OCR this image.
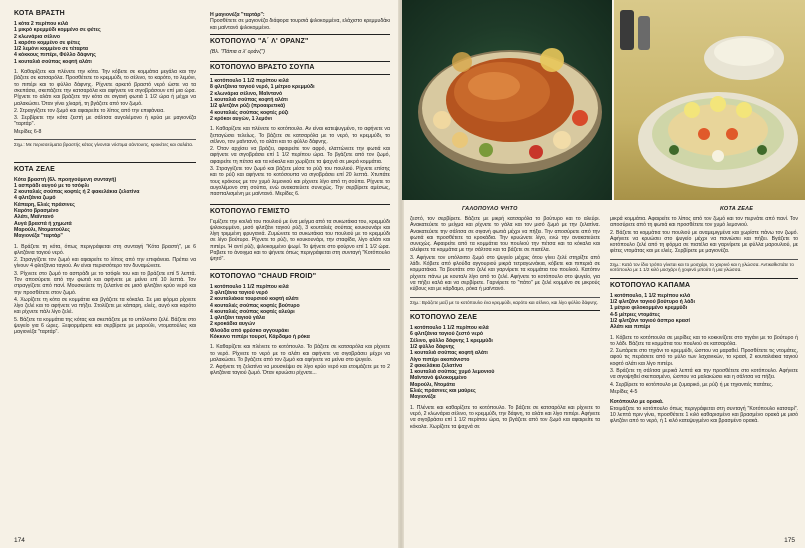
ΚΟΤΑ ΒΡΑΣΤΗ
1 κότα 2 περίπου κιλά
1 μικρό κρεμμύδι κομμένο σε φέτες
2 κλωνάρια σέλινο
1 καρότο κομμένο σε φέτες
1/2 λεμόνι κομμένο σε τέταρτα
4 κόκκους πιπέρι, Φύλλο δάφνης
1 κουταλιά σούπας κοφτή αλάτι
1. Καθαρίζετε και πλένετε την κότα. Την κόβετε σε κομμάτια μεγάλα και την βάζετε σε κατσαρόλα. Προσθέτετε το κρεμμύδι, το σέλινο, το καρότο, το λεμόνι, το πιπέρι και το φύλλο δάφνης. Ρίχνετε αρκετό βραστό νερό ώστε να τα σκεπάσει, σκεπάζετε την κατσαρόλα και αφήνετε να σιγοβράσουν επί μια ώρα. Ρίχνετε το αλάτι και βράζετε την κότα σε σιγανή φωτιά 1 1/2 ώρα ή μέχρι να μαλακώσει. Όταν γίνει χλιαρή, τη βγάζετε από τον ζωμό.
2. Στραγγίζετε τον ζωμό και αφαιρείτε το λίπος από την επιφάνεια.
3. Σερβίρετε την κότα ζεστή με σάλτσα αυγολέμονο ή κρύα με μαγιονέζα "ταρτάρ".
Μερίδες 6-8
Σημ.: Με περισσεύματα βραστής κότας γίνονται νόστιμα σάντουιτς, κροκέτες και σαλάτα.
ΚΟΤΑ ΖΕΛΕ
Κότα βραστή (6λ. προηγούμενη συνταγή)
1 ασπράδι αυγού με το τσόφλι
2 κουταλιές σούπας κοφτές ή 2 φακελάκια ζελατίνα
4 φλιτζάνια ζωμό
Κάπαρη, Ελιές πράσινες
Καρότο βρασμένο
Αλάτι, Μαϊντανό
Αυγά βραστά ή χημωτά
Μαρούλι, Ντοματούλες
Μαγιονέζα "ταρτάρ"
1. Βράζετε τη κότα, όπως περιγράφεται στη συνταγή "Κότα βραστή", με 6 φλιτζάνια ταγιού νερό.
2. Στραγγίζετε τον ζωμό και αφαιρείτε το λίπος από την επιφάνεια. Πρέπει να γίνουν 4 φλιτζάνια ταγιού. Αν είναι περισσότερο τον δυναμώνετε.
3. Ρίχνετε στο ζωμό το ασπράδι με το τσόφλι του και το βράζετε επί 5 λεπτά. Τον αποσύρετε από την φωτιά και αφήνετε με μείνει επί 10 λεπτά. Τον στραγγίζετε από πανί. Μουσκεύετε τη ζελατίνα σε μισό φλιτζάνι κρύο νερό και την προσθέτετε στον ζωμό.
4. Χωρίζετε τη κότα σε κομμάτια και βγάζετε τα κόκαλα. Σε μια φόρμα ρίχνετε λίγο ζελέ και το αφήνετε να πήξει. Στολίζετε με κάπαρη, ελιές, αυγό και καρότο και ρίχνετε πάλι λίγο ζελέ.
5. Βάζετε τα κομμάτια της κότας και σκεπάζετε με το υπόλοιπο ζελέ. Βάζετε στο ψυγείο για 6 ώρες. Ξεφορμάρετε και σερβίρετε με μαρούλι, ντοματούλες και μαγιονέζα "ταρτάρ".
Η μαγιονέζα "ταρτάρ":
Προσθέτετε σε μαγιονέζα διάφορα τουρσιά ψιλοκομμένα, ελάχιστο κρεμμυδάκι και μαϊντανό ψιλοκομμένο.
ΚΟΤΟΠΟΥΛΟ "Α΄ Λ' ΟΡΑΝΖ"
(Βλ. "Πάπια α λ' οράνζ")
ΚΟΤΟΠΟΥΛΟ ΒΡΑΣΤΟ ΣΟΥΠΑ
1 κοτόπουλο 1 1/2 περίπου κιλά
8 φλιτζάνια ταγιού νερό, 1 μέτριο κρεμμύδι
2 κλωνάρια σέλινο, Μαϊντανό
1 κουταλιά σούπας κοφτή αλάτι
1/2 φλιτζάνι ρύζι (προαιρετικά)
4 κουταλιές σούπας κοφτές ρύζι
2 κρόκοι αυγών, 1 λεμόνι
1. Καθαρίζετε και πλένετε το κοτόπουλο. Αν είναι κατεψυγμένο, το αφήνετε να ξεπαγώσει τελείως. Το βάζετε σε κατσαρόλα με το νερό, το κρεμμύδι, το σέλινο, τον μαϊντανό, το αλάτι και το φύλλο δάφνης.
2. Όταν αρχίσει να βράζει, αφαιρείτε τον αφρό, ελαττώνετε την φωτιά και αφήνετε να σιγοβράσει επί 1 1/2 περίπου ώρα. Το βγάζετε από τον ζωμό, αφαιρείτε τη πέτσα και τα κόκαλα και χωρίζετε τα ψαχνά σε μικρά κομμάτια.
3. Στραγγίζετε τον ζωμό και βάζετε μέσα το ρύζι του πουλιού. Ρίχνετε επίσης και το ρύζι και αφήνετε το κοτόσουπα να σιγοβράσει επί 20 λεπτά. Χτυπάτε τους κρόκους με τον χυμό λεμονιού και ρίχνετε λίγο από τη σούπα. Ρίχνετε το αυγολέμονο στη σούπα, ενώ ανακατεύετε συνεχώς. Την σερβίρετε αμέσως, πασπαλισμένη με μαϊντανό. Μερίδες 6.
ΚΟΤΟΠΟΥΛΟ ΓΕΜΙΣΤΟ
Γεμίζετε την κοιλιά του πουλιού με ένα μείγμα από τα συκωτάκια του, κρεμμύδι ψιλοκομμένο, μισό φλιτζάνι ταγιού ρύζι, 3 κουταλιές σούπας κουκουνάρι και λίγη τριμμένη φρυγανιά. Ζυμώνετε τα συκωτάκια του πουλιού με το κρεμμύδι σε λίγο βούτυρο. Ρίχνετε το ρύζι, το κουκουνάρι, την σταφίδα, λίγο αλάτι και πιπέρι. Ή αντί ρύζι, ψιλοκομμένο ψωμί. Το ψήνετε στο φούρνο επί 1 1/2 ώρα. Ραβετε το άνοιγμα και το ψήνετε όπως περιγράφεται στη συνταγή "Κοτόπουλο ψητό".
ΚΟΤΟΠΟΥΛΟ "CHAUD FROID"
1 κοτόπουλο 1 1/2 περίπου κιλά
3 φλιτζάνια ταγιού νερό
2 κουταλιάκια τουρσιού κοφτή αλάτι
4 κουταλιές σούπας κοφτές βούτυρο
4 κουταλιές σούπας κοφτές αλεύρι
1 φλιτζάνι ταγιού γάλα
2 κροκάδια αυγών
Φλούδα από φρέσκο αγγουράκι
Κόκκινο πιπέρι τουρσί, Κάρδαμο ή ρόκα
1. Καθαρίζετε και πλένετε το κοτόπουλο. Το βάζετε σε κατσαρόλα και ρίχνετε το νερό. Ρίχνετε το νερό με το αλάτι και αφήνετε να σιγοβράσει μέχρι να μαλακώσει. Το βγάζετε από τον ζωμό και αφήνετε να μείνει στο ψυγείο.
2. Αφήνετε τη ζελατίνα να μουσκέψει σε λίγο κρύο νερό και ετοιμάζετε με το 2 φλιτζάνια ταγιού ζωμό. Όταν κρυώσει ρίχνετε...
174
ΓΑΛΟΠΟΥΛΟ ΨΗΤΟ	ΚΟΤΑ ΖΕΛΕ
ζεστό, τον σερβίρετε. Βάζετε με μικρή κατσαρόλα το βούτυρο και το αλεύρι. Ανακατεύετε το μείγμα και ρίχνετε το γάλα και τον μισό ζωμό με την ζελατίνα. Ανακατεύετε την σάλτσα σε σιγανή φωτιά μέχρι να πήξει. Την αποσύρετε από την φωτιά και προσθέτετε τα κροκάδια. Την κρυώνετε λίγο, ενώ την ανακατεύετε συνεχώς. Αφαιρείτε από τα κομμάτια του πουλιού την πέτσα και τα κόκαλα και αλείφετε τα κομμάτια με την σάλτσα και τα βάζετε σε πιατέλα.
3. Αφήνετε τον υπόλοιπο ζωμό στο ψυγείο μέχρις ότου γίνει ζελέ στηρίξτε από λάδι. Κόβετε από φλούδα αγγουριού μικρά τετραγωνάκια, κόβετε και πιπεριά σε κομματάκια. Τα βουτάτε στο ζελέ και γαρνίρετε τα κομμάτια του πουλιού. Κατόπιν ρίχνετε πάνω με κουταλι λίγο από το ζελέ. Αφήνετε το κοτόπουλο στο ψυγείο, για να πήξει καλά και να σερβίρετε. Γαρνίρετε το "πάτο" με ζελέ κομμένο σε μικρούς κύβους και με κάρδαμο, ρόκα ή μαϊντανό.
Σημ.: Βράζετε μαζί με το κοτόπουλο ένα κρεμμύδι, καρότο και σέλινο, και λίγο φύλλο δάφνης.
ΚΟΤΟΠΟΥΛΟ ΖΕΛΕ
1 κοτόπουλο 1 1/2 περίπου κιλά
6 φλιτζάνια ταγιού ζεστό νερό
Σέλινο, φύλλο δάφνης 1 κρεμμύδι
1/2 φύλλο δάφνης
1 κουταλιά σούπας κοφτή αλάτι
Λίγο πιπέρι ακοπάνιστο
2 φακελάκια ζελατίνα
1 κουταλιά σούπας χυμό λεμονιού
Μαϊντανό ψιλοκομμένο
Μαρούλι, Ντομάτα
Ελιές πράσινες και μαύρες
Μαγιονέζα
1. Πλένετε και καθαρίζετε το κοτόπουλο. Το βάζετε σε κατσαρόλα και ρίχνετε το νερό, 2 κλωνάρια σέλινο, το κρεμμύδι, την δάφνη, το αλάτι και λίγο πιπέρι. Αφήνετε να σιγοβράσει επί 1 1/2 περίπου ώρα, το βγάζετε από τον ζωμό και αφαιρείτε τα κόκαλα. Χωρίζετε τα ψαχνά σε
μικρά κομμάτια. Αφαιρείτε το λίπος από τον ζωμό και τον περνάτε από πανί. Τον αποσύρετε από τη φωτιά και προσθέτετε τον χυμό λεμονιού.
2. Βάζετε τα κομμάτια του πουλιού με αναμεμιγμένα και χωρίστε πάνω τον ζωμό. Αφήνετε να κρυώσει στο ψυγείο μέχρι να πανιώσει και πήξει. Βγάζετε το κοτόπουλο ζελέ από τη φόρμα σε πιατέλα και γαρνίρετε με φύλλα μαρουλιού, με φέτες ντομάτας και με ελιές. Σερβίρετε με μαγιονέζα.
Σημ.: Κατά τον ίδιο τρόπο γίνεται και το μοσχάρι, το χοιρινό και η γλώσσα. Αντικαθιστάτε το κοτόπουλο με 1 1/2 κιλό μοσχάρι ή χοιρινό μπούτι ή μια γλώσσα.
ΚΟΤΟΠΟΥΛΟ ΚΑΠΑΜΑ
1 κοτόπουλο, 1 1/2 περίπου κιλά
1/2 φλιτζάνι ταγιού βούτυρο ή λάδι
1 μέτριο φιλοκομμένο κρεμμύδι
4-5 μέτριες ντομάτες
1/2 φλιτζάνι ταγιού άσπρο κρασί
Αλάτι και πιπέρι
1. Κόβετε το κοτόπουλο σε μερίδες και το κοκκινίζετε στο τηγάνι με το βούτυρο ή το λάδι. Βάζετε τα κομμάτια του πουλιού σε κατσαρόλα.
2. Σωτάρετε στο τηγάνι το κρεμμύδι, ώσπου να μαραθεί. Προσθέτετε τις ντομάτες, αφού τις περάσετε από το μύλο των λαχανικών, το κρασί, 2 κουταλιάκια ταγιού κοφτό αλάτι και λίγο πιπέρι.
3. Βράζετε τη σάλτσα μερικά λεπτά και την προσθέτετε στο κοτόπουλο. Αφήνετε να σιγοψηθεί σκεπασμένο, ώσπου να μαλακώσει και η σάλτσα να πήξει.
4. Σερβίρετε το κοτόπουλο με ζυμαρικό, με ρύζι ή με τηγανιτές πατάτες.
Μερίδες 4-5
Κοτόπουλο με ορακά.
Ετοιμάζετε το κοτόπουλο όπως περιγράφεται στη συνταγή "Κοτόπουλο κατσαρί". 10 λεπτά πριν γίνει, προσθέτετε 1 κιλό καθαρισμένο και βρασμένο ορακά με μισό φλιτζάνι από το νερό, ή 1 κιλό κατεψυγμένο και βρασμένο ορακά.
175
